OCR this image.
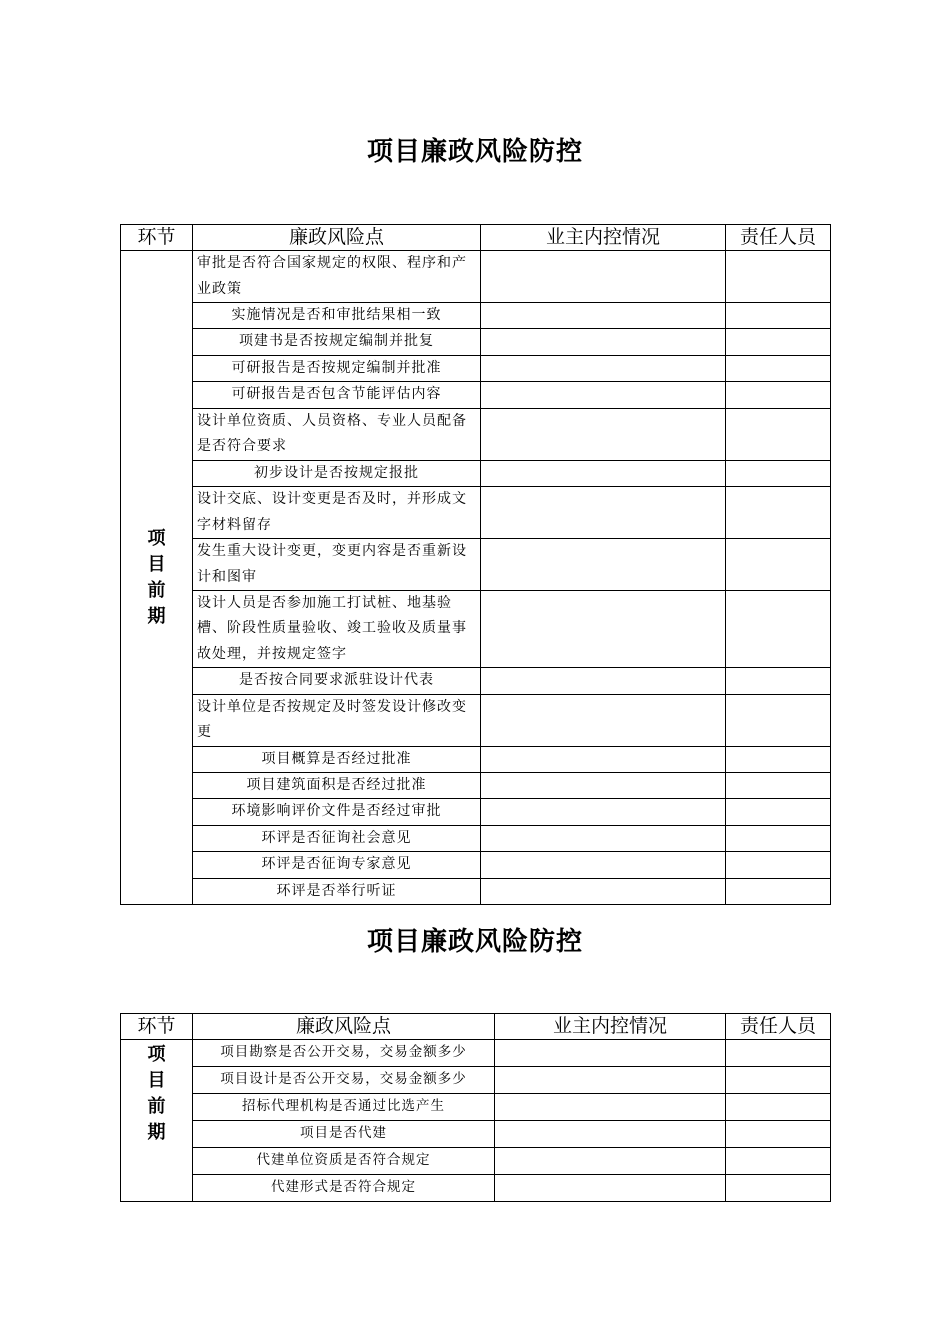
项目廉政风险防控
环节	廉政风险点	业主内控情况	责任人员

项
目
前
期	审批是否符合国家规定的权限、程序和产业政策		
	实施情况是否和审批结果相一致		
	项建书是否按规定编制并批复		
	可研报告是否按规定编制并批准		
	可研报告是否包含节能评估内容		
	设计单位资质、人员资格、专业人员配备是否符合要求		
	初步设计是否按规定报批		
	设计交底、设计变更是否及时，并形成文字材料留存		
	发生重大设计变更，变更内容是否重新设计和图审		
	设计人员是否参加施工打试桩、地基验槽、阶段性质量验收、竣工验收及质量事故处理，并按规定签字		
	是否按合同要求派驻设计代表		
	设计单位是否按规定及时签发设计修改变更		
	项目概算是否经过批准		
	项目建筑面积是否经过批准		
	环境影响评价文件是否经过审批		
	环评是否征询社会意见		
	环评是否征询专家意见		
	环评是否举行听证		
项目廉政风险防控
环节	廉政风险点	业主内控情况	责任人员

项
目
前
期	项目勘察是否公开交易，交易金额多少		
	项目设计是否公开交易，交易金额多少		
	招标代理机构是否通过比选产生		
	项目是否代建		
	代建单位资质是否符合规定		
	代建形式是否符合规定		
